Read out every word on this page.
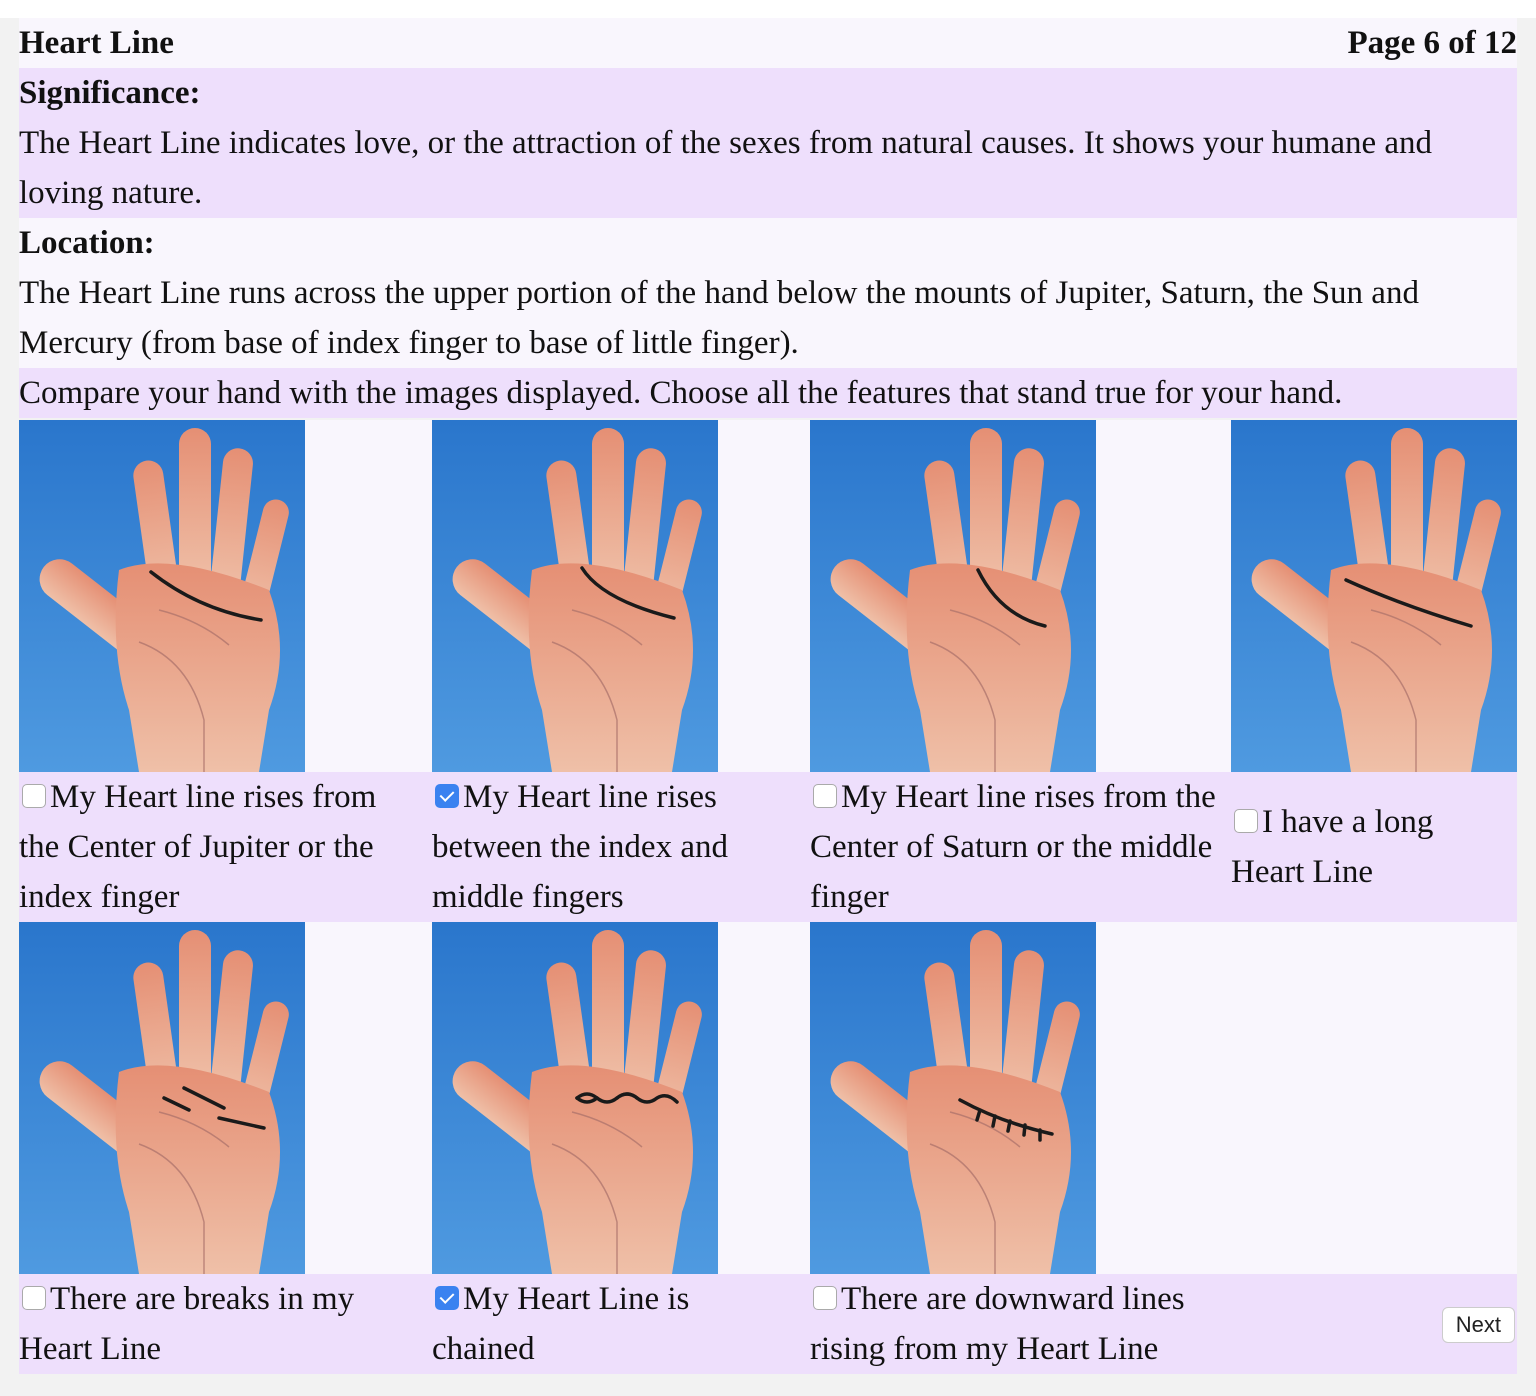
Heart Line	Page 6 of 12
Significance:
The Heart Line indicates love, or the attraction of the sexes from natural causes. It shows your humane and loving nature.
Location:
The Heart Line runs across the upper portion of the hand below the mounts of Jupiter, Saturn, the Sun and Mercury (from base of index finger to base of little finger).
Compare your hand with the images displayed. Choose all the features that stand true for your hand.
My Heart line rises from the Center of Jupiter or the index finger
My Heart line rises between the index and middle fingers
My Heart line rises from the Center of Saturn or the middle finger
I have a long Heart Line
There are breaks in my Heart Line
My Heart Line is chained
There are downward lines rising from my Heart Line
Next
